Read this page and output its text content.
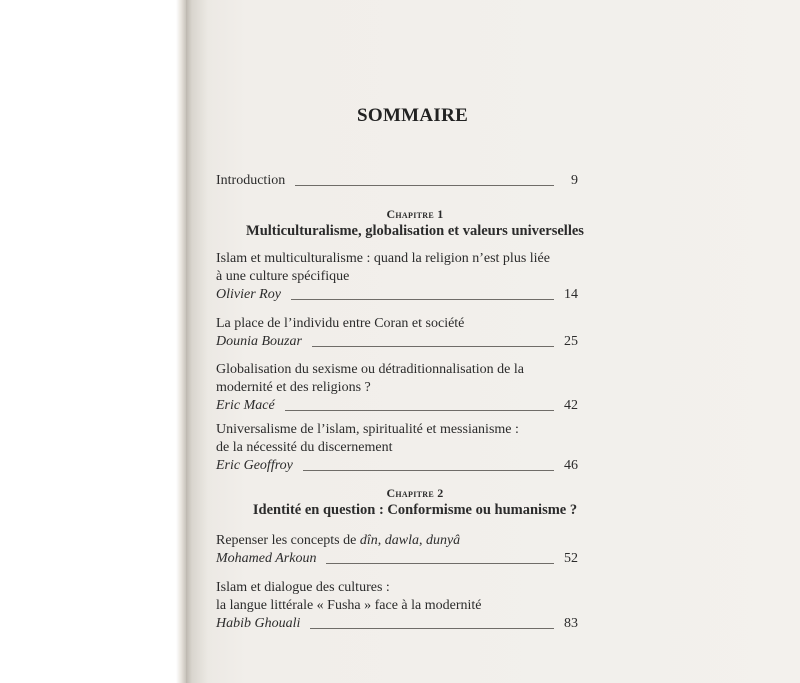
SOMMAIRE
Introduction	9
Chapitre 1
Multiculturalisme, globalisation et valeurs universelles
Islam et multiculturalisme : quand la religion n’est plus liée
à une culture spécifique
Olivier Roy	14
La place de l’individu entre Coran et société
Dounia Bouzar	25
Globalisation du sexisme ou détraditionnalisation de la
modernité et des religions ?
Eric Macé	42
Universalisme de l’islam, spiritualité et messianisme :
de la nécessité du discernement
Eric Geoffroy	46
Chapitre 2
Identité en question : Conformisme ou humanisme ?
Repenser les concepts de dîn, dawla, dunyâ
Mohamed Arkoun	52
Islam et dialogue des cultures :
la langue littérale « Fusha » face à la modernité
Habib Ghouali	83
